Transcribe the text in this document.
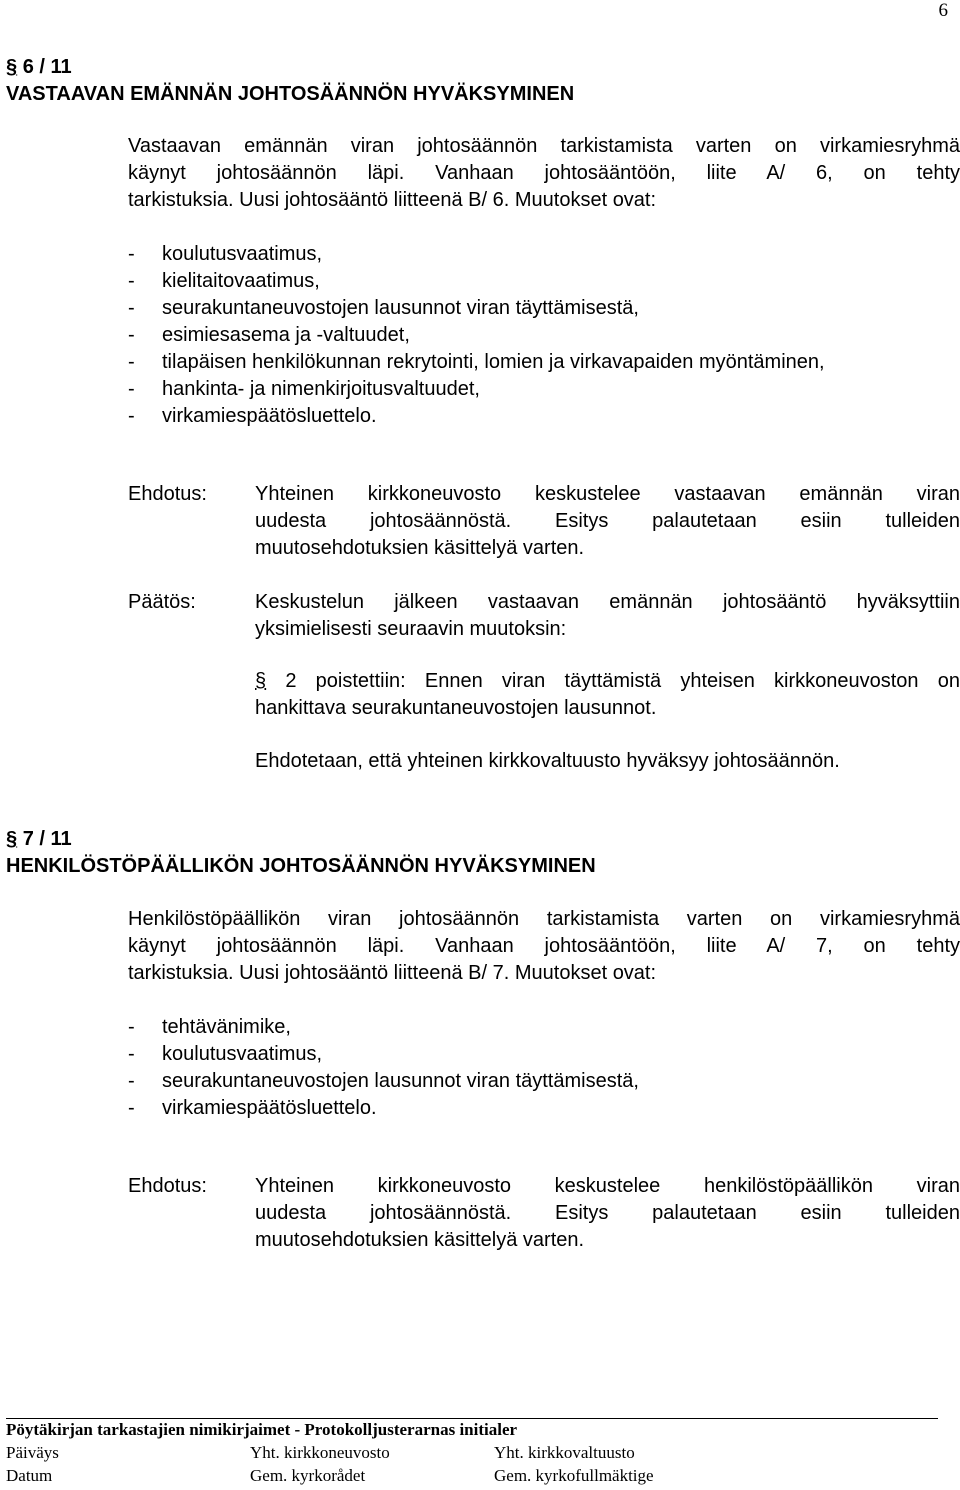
6
§ 6 / 11
VASTAAVAN EMÄNNÄN JOHTOSÄÄNNÖN HYVÄKSYMINEN
Vastaavan emännän viran johtosäännön tarkistamista varten on virkamiesryhmä
käynyt johtosäännön läpi. Vanhaan johtosääntöön, liite A/ 6, on tehty
tarkistuksia. Uusi johtosääntö liitteenä B/ 6. Muutokset ovat:
-	koulutusvaatimus,
-	kielitaitovaatimus,
-	seurakuntaneuvostojen lausunnot viran täyttämisestä,
-	esimiesasema ja -valtuudet,
-	tilapäisen henkilökunnan rekrytointi, lomien ja virkavapaiden myöntäminen,
-	hankinta- ja nimenkirjoitusvaltuudet,
-	virkamiespäätösluettelo.
Ehdotus: Yhteinen kirkkoneuvosto keskustelee vastaavan emännän viran
uudesta johtosäännöstä. Esitys palautetaan esiin tulleiden
muutosehdotuksien käsittelyä varten.
Päätös:	Keskustelun jälkeen vastaavan emännän johtosääntö hyväksyttiin
yksimielisesti seuraavin muutoksin:
§ 2 poistettiin: Ennen viran täyttämistä yhteisen kirkkoneuvoston on
hankittava seurakuntaneuvostojen lausunnot.
Ehdotetaan, että yhteinen kirkkovaltuusto hyväksyy johtosäännön.
§ 7 / 11
HENKILÖSTÖPÄÄLLIKÖN JOHTOSÄÄNNÖN HYVÄKSYMINEN
Henkilöstöpäällikön viran johtosäännön tarkistamista varten on virkamiesryhmä
käynyt johtosäännön läpi. Vanhaan johtosääntöön, liite A/ 7, on tehty
tarkistuksia. Uusi johtosääntö liitteenä B/ 7. Muutokset ovat:
-	tehtävänimike,
-	koulutusvaatimus,
-	seurakuntaneuvostojen lausunnot viran täyttämisestä,
-	virkamiespäätösluettelo.
Ehdotus: Yhteinen kirkkoneuvosto keskustelee henkilöstöpäällikön viran
uudesta johtosäännöstä. Esitys palautetaan esiin tulleiden
muutosehdotuksien käsittelyä varten.
Pöytäkirjan tarkastajien nimikirjaimet - Protokolljusterarnas initialer
Päiväys	Yht. kirkkoneuvosto	Yht. kirkkovaltuusto
Datum	Gem. kyrkorådet	Gem. kyrkofullmäktige
